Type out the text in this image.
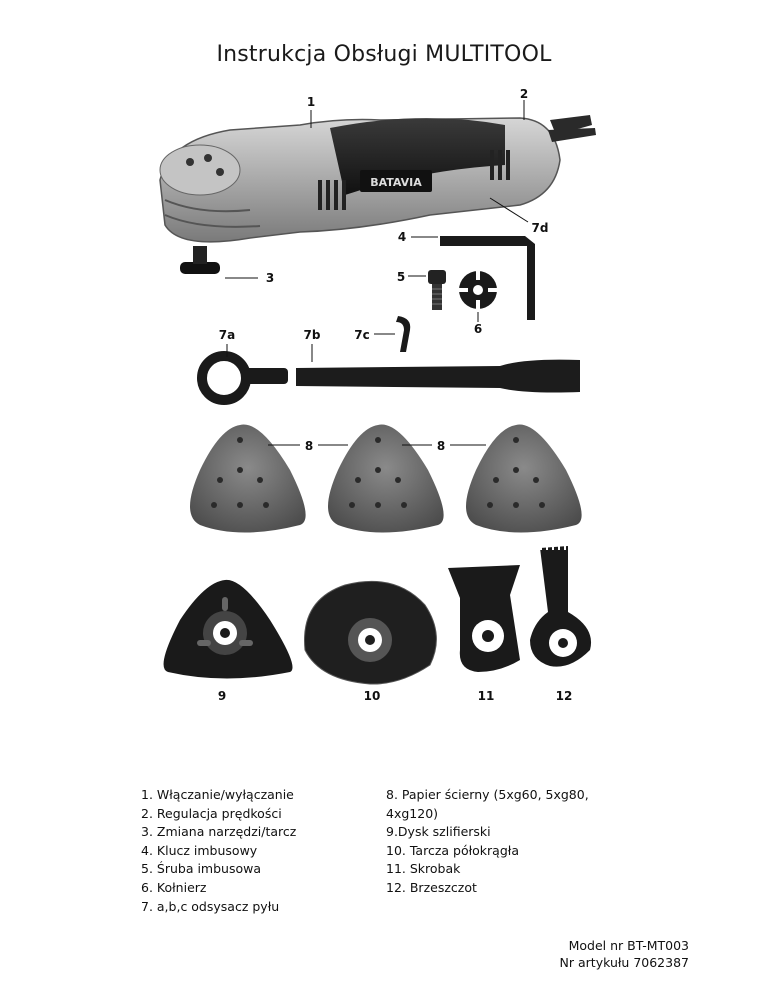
Instrukcja Obsługi MULTITOOL
BATAVIA
1
2
3
4
5
6
7a	7b	7c
7d
8	8
9	10	11	12
1. Włączanie/wyłączanie
2. Regulacja prędkości
3. Zmiana narzędzi/tarcz
4. Klucz imbusowy
5. Śruba imbusowa
6. Kołnierz
7. a,b,c odsysacz pyłu
8. Papier ścierny (5xg60, 5xg80, 4xg120)
9.Dysk szlifierski
10. Tarcza półokrągła
11. Skrobak
12. Brzeszczot
Model nr BT-MT003
Nr artykułu 7062387
